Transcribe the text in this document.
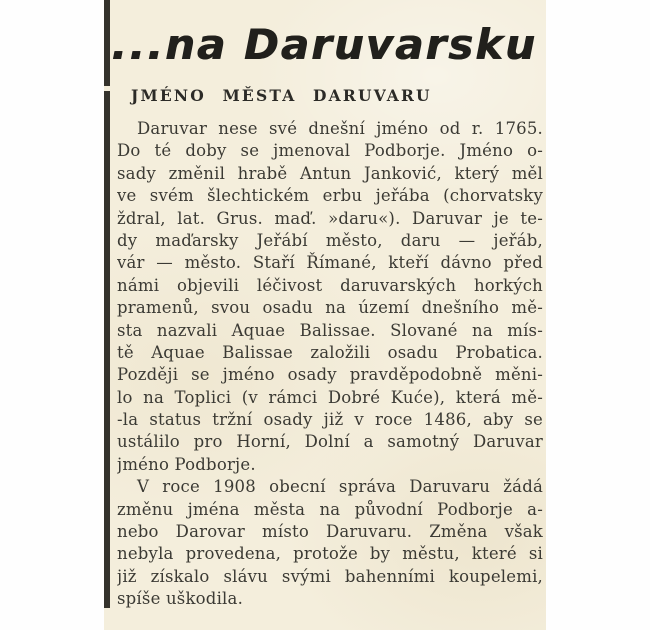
...na Daruvarsku
JMÉNO MĚSTA DARUVARU
Daruvar nese své dnešní jméno od r. 1765.
Do té doby se jmenoval Podborje. Jméno o-
sady změnil hrabě Antun Janković, který měl
ve svém šlechtickém erbu jeřába (chorvatsky
ždral, lat. Grus. maď. »daru«). Daruvar je te-
dy maďarsky Jeřábí město, daru — jeřáb,
vár — město. Staří Římané, kteří dávno před
námi objevili léčivost daruvarských horkých
pramenů, svou osadu na území dnešního mě-
sta nazvali Aquae Balissae. Slované na mís-
tě Aquae Balissae založili osadu Probatica.
Později se jméno osady pravděpodobně měni-
lo na Toplici (v rámci Dobré Kuće), která mě-
-la status tržní osady již v roce 1486, aby se
ustálilo pro Horní, Dolní a samotný Daruvar
jméno Podborje.
V roce 1908 obecní správa Daruvaru žádá
změnu jména města na původní Podborje a-
nebo Darovar místo Daruvaru. Změna však
nebyla provedena, protože by městu, které si
již získalo slávu svými bahenními koupelemi,
spíše uškodila.
